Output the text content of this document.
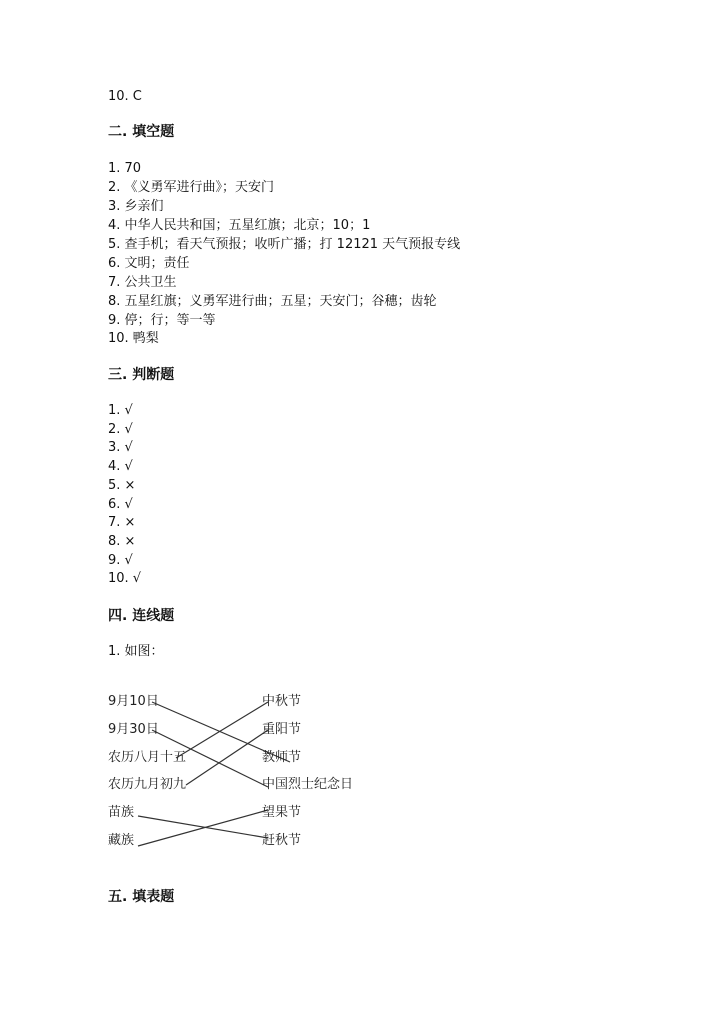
10. C
二. 填空题
1. 70
2. 《义勇军进行曲》；天安门
3. 乡亲们
4. 中华人民共和国；五星红旗；北京；10；1
5. 查手机；看天气预报；收听广播；打 12121 天气预报专线
6. 文明；责任
7. 公共卫生
8. 五星红旗；义勇军进行曲；五星；天安门；谷穗；齿轮
9. 停；行；等一等
10. 鸭梨
三. 判断题
1. √
2. √
3. √
4. √
5. ×
6. √
7. ×
8. ×
9. √
10. √
四. 连线题
1. 如图：
9月10日
9月30日
农历八月十五
农历九月初九
苗族
藏族
中秋节
重阳节
教师节
中国烈士纪念日
望果节
赶秋节
五. 填表题
